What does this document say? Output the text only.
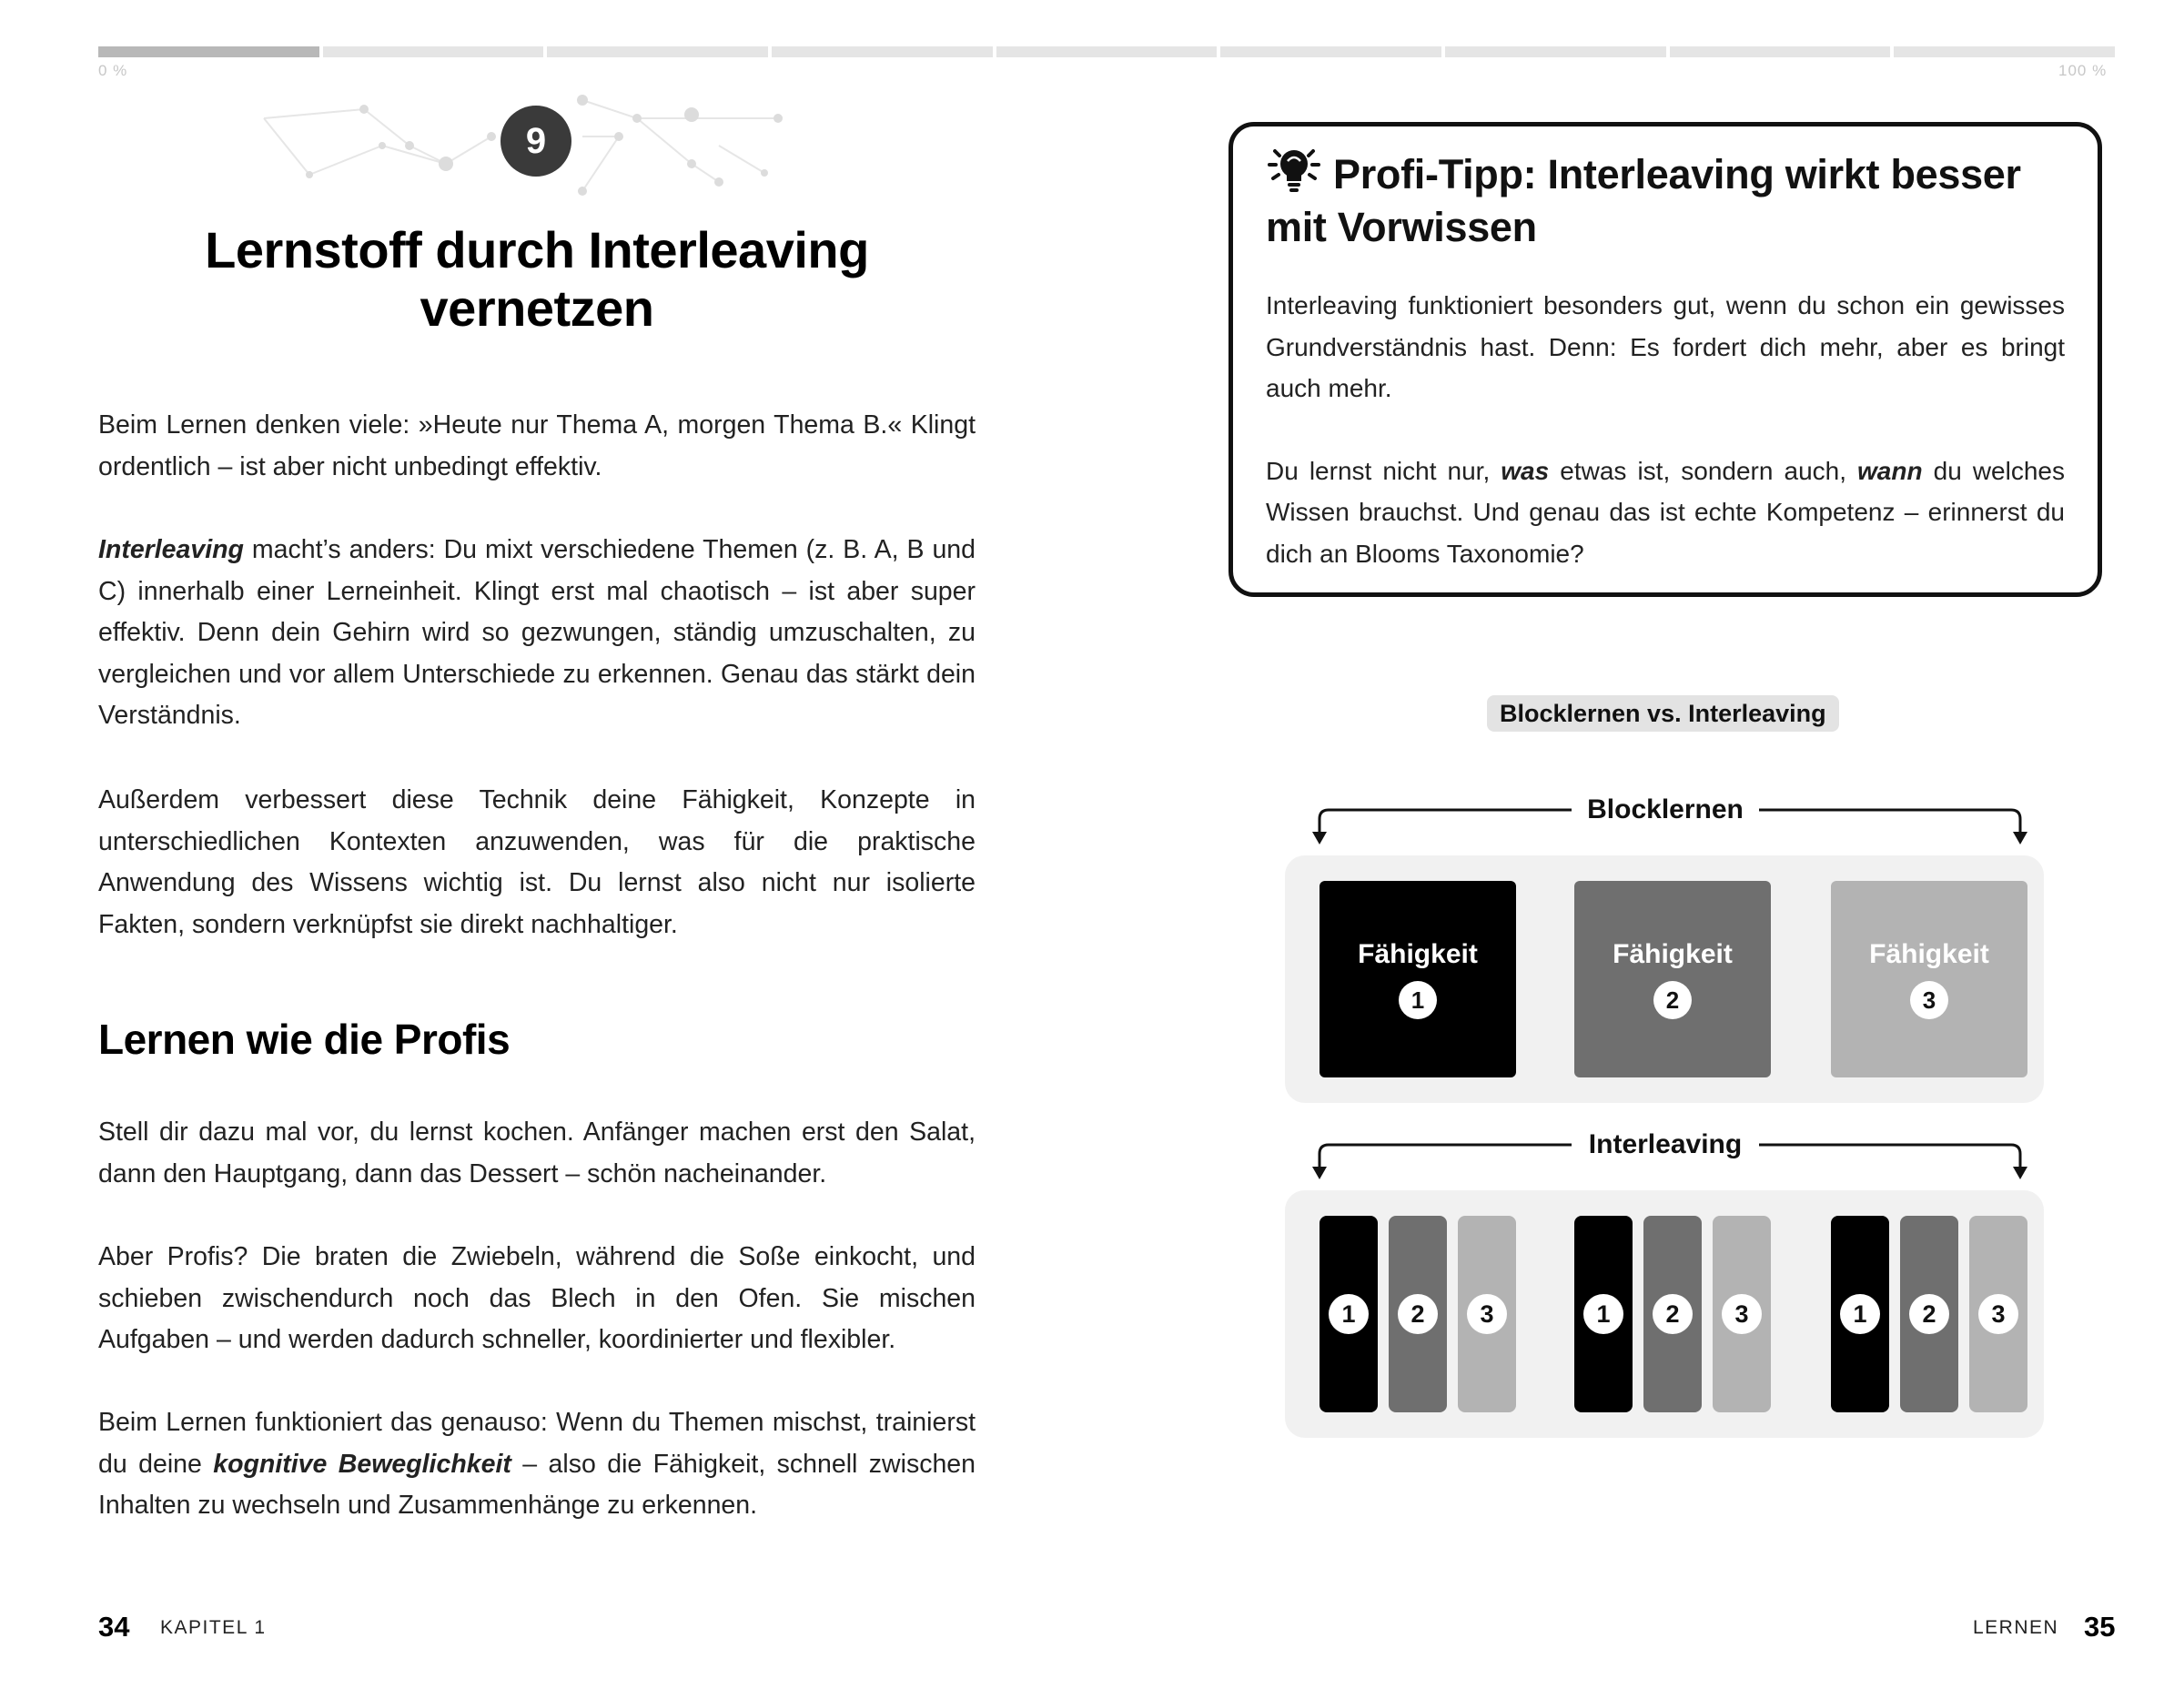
0 %	100 %
9
Lernstoff durch Interleaving
vernetzen

Beim Lernen denken viele: »Heute nur Thema A, morgen Thema B.« Klingt ordentlich – ist aber nicht unbedingt effektiv.

Interleaving macht’s anders: Du mixt verschiedene Themen (z. B. A, B und C) innerhalb einer Lerneinheit. Klingt erst mal chaotisch – ist aber super effektiv. Denn dein Gehirn wird so gezwungen, ständig umzuschalten, zu vergleichen und vor allem Unterschiede zu erkennen. Genau das stärkt dein Verständnis.

Außerdem verbessert diese Technik deine Fähigkeit, Konzepte in unterschiedlichen Kontexten anzuwenden, was für die praktische Anwendung des Wissens wichtig ist. Du lernst also nicht nur isolierte Fakten, sondern verknüpfst sie direkt nachhaltiger.

Lernen wie die Profis

Stell dir dazu mal vor, du lernst kochen. Anfänger machen erst den Salat, dann den Hauptgang, dann das Dessert – schön nacheinander.

Aber Profis? Die braten die Zwiebeln, während die Soße einkocht, und schieben zwischendurch noch das Blech in den Ofen. Sie mischen Aufgaben – und werden dadurch schneller, koordinierter und flexibler.

Beim Lernen funktioniert das genauso: Wenn du Themen mischst, trainierst du deine kognitive Beweglichkeit – also die Fähigkeit, schnell zwischen Inhalten zu wechseln und Zusammenhänge zu erkennen.

34 KAPITEL 1	LERNEN 35
Profi-Tipp: Interleaving wirkt besser mit Vorwissen

Interleaving funktioniert besonders gut, wenn du schon ein gewisses Grundverständnis hast. Denn: Es fordert dich mehr, aber es bringt auch mehr.

Du lernst nicht nur, was etwas ist, sondern auch, wann du welches Wissen brauchst. Und genau das ist echte Kompetenz – erinnerst du dich an Blooms Taxonomie?

Blocklernen vs. Interleaving
Blocklernen
Fähigkeit
1
Fähigkeit
2
Fähigkeit
3
Interleaving
1	2	3	1	2	3	1	2	3
